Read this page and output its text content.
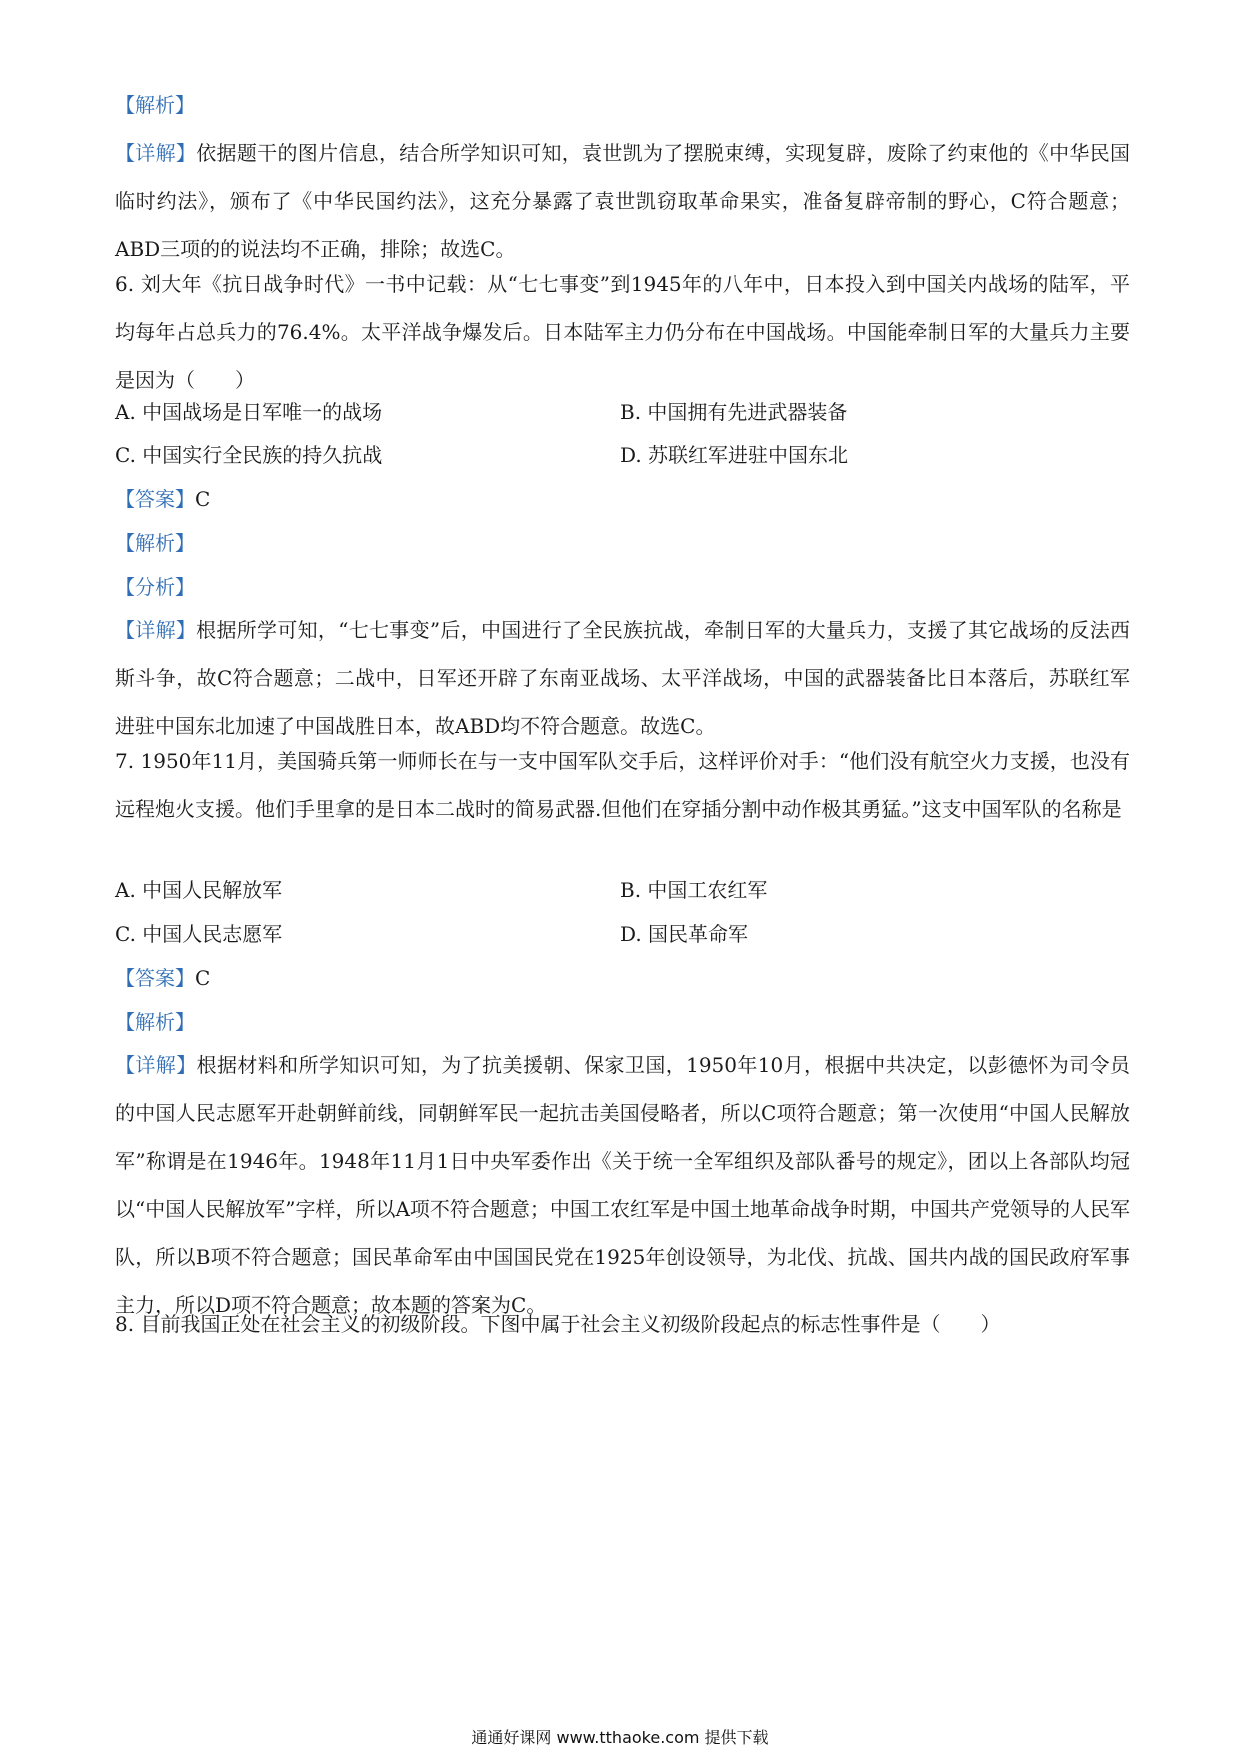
【解析】

【详解】依据题干的图片信息，结合所学知识可知，袁世凯为了摆脱束缚，实现复辟，废除了约束他的《中华民国临时约法》，颁布了《中华民国约法》，这充分暴露了袁世凯窃取革命果实，准备复辟帝制的野心，C符合题意；ABD三项的的说法均不正确，排除；故选C。

6. 刘大年《抗日战争时代》一书中记载：从“七七事变”到1945年的八年中，日本投入到中国关内战场的陆军，平均每年占总兵力的76.4%。太平洋战争爆发后。日本陆军主力仍分布在中国战场。中国能牵制日军的大量兵力主要是因为（　　）

A. 中国战场是日军唯一的战场	B. 中国拥有先进武器装备
C. 中国实行全民族的持久抗战	D. 苏联红军进驻中国东北
【答案】C
【解析】
【分析】

【详解】根据所学可知，“七七事变”后，中国进行了全民族抗战，牵制日军的大量兵力，支援了其它战场的反法西斯斗争，故C符合题意；二战中，日军还开辟了东南亚战场、太平洋战场，中国的武器装备比日本落后，苏联红军进驻中国东北加速了中国战胜日本，故ABD均不符合题意。故选C。

7. 1950年11月，美国骑兵第一师师长在与一支中国军队交手后，这样评价对手：“他们没有航空火力支援，也没有远程炮火支援。他们手里拿的是日本二战时的简易武器.但他们在穿插分割中动作极其勇猛。”这支中国军队的名称是

A. 中国人民解放军	B. 中国工农红军
C. 中国人民志愿军	D. 国民革命军
【答案】C
【解析】

【详解】根据材料和所学知识可知，为了抗美援朝、保家卫国，1950年10月，根据中共决定，以彭德怀为司令员的中国人民志愿军开赴朝鲜前线，同朝鲜军民一起抗击美国侵略者，所以C项符合题意；第一次使用“中国人民解放军”称谓是在1946年。1948年11月1日中央军委作出《关于统一全军组织及部队番号的规定》，团以上各部队均冠以“中国人民解放军”字样，所以A项不符合题意；中国工农红军是中国土地革命战争时期，中国共产党领导的人民军队，所以B项不符合题意；国民革命军由中国国民党在1925年创设领导，为北伐、抗战、国共内战的国民政府军事主力，所以D项不符合题意；故本题的答案为C。

8. 目前我国正处在社会主义的初级阶段。下图中属于社会主义初级阶段起点的标志性事件是（　　）

通通好课网 www.tthaoke.com 提供下载
